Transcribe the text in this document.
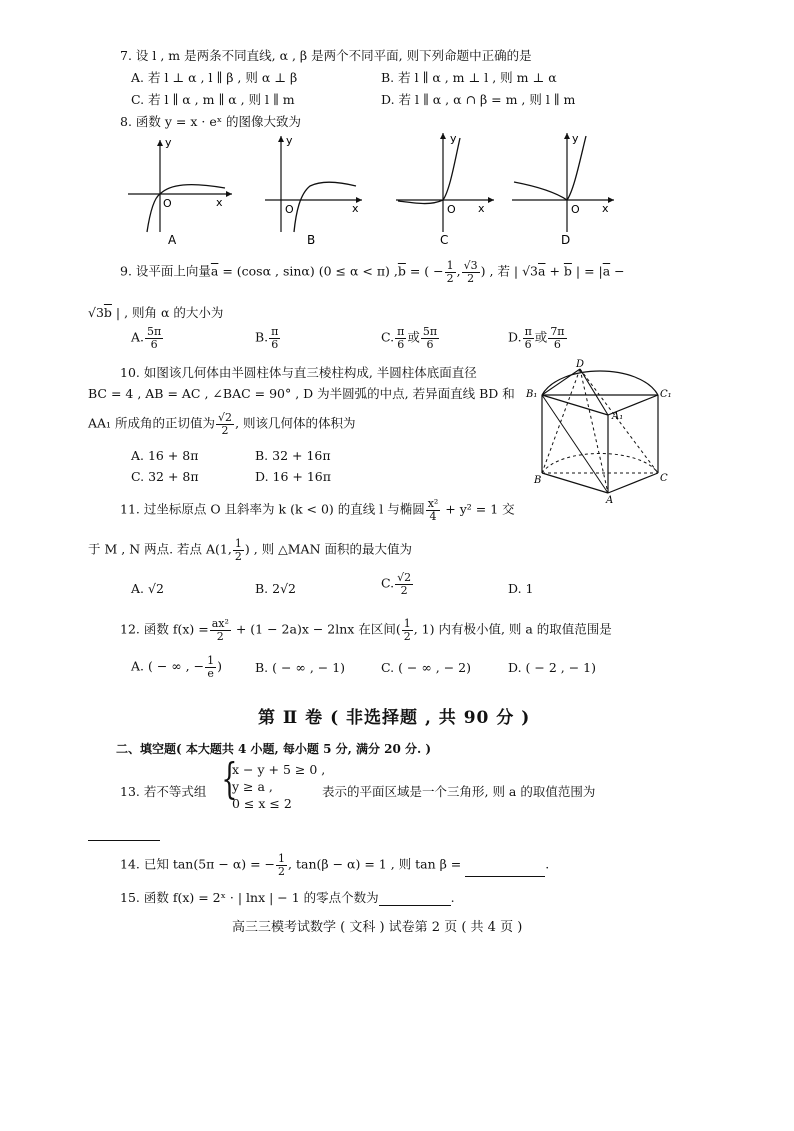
7. 设 l , m 是两条不同直线, α , β 是两个不同平面, 则下列命题中正确的是
A. 若 l ⊥ α , l ∥ β , 则 α ⊥ β	B. 若 l ∥ α , m ⊥ l , 则 m ⊥ α
C. 若 l ∥ α , m ∥ α , 则 l ∥ m	D. 若 l ∥ α , α ∩ β = m , 则 l ∥ m
8. 函数 y = x · eˣ 的图像大致为
y
x
O
y
x
O
y
x
O
y
x
O
A	B	C	D
9. 设平面上向量$\overline{a} = (\cos\alpha$ , sinα) (0 ≤ α < π) $,\overline{b}$ = ( − $\frac{1}{2}$ , $\frac{√3}{2}$ ) , 若 | $√3\overline{a} + \overline{b}$ | = $|\overline{a}$ −
$√3\overline{b}$ | , 则角 α 的大小为
A. $\frac{5\pi}{6}$	B. $\frac{\pi}{6}$	C. $\frac{\pi}{6}$ 或 $\frac{5\pi}{6}$	D. $\frac{\pi}{6}$ 或 $\frac{7\pi}{6}$
10. 如图该几何体由半圆柱体与直三棱柱构成, 半圆柱体底面直径
BC = 4 , AB = AC , ∠BAC = 90° , D 为半圆弧的中点, 若异面直线 BD 和
AA₁ 所成角的正切值为 $\frac{√2}{2}$ , 则该几何体的体积为
A. 16 + 8π	B. 32 + 16π
C. 32 + 8π	D. 16 + 16π
D
B₁	C₁
A₁
B	C
A
11. 过坐标原点 O 且斜率为 k (k < 0) 的直线 l 与椭圆 $\frac{\text{x²}}{4} + y^2 = 1$ 交
于 M , N 两点. 若点 A(1, $\frac{1}{2}$ ) , 则 △MAN 面积的最大值为
A. √2	B. 2√2	C. $\frac{√2}{2}$	D. 1
12. 函数 $f(x) = \frac{\text{ax²}}{2} + (1 - 2a)x - 2\ln x$ 在区间( $\frac{1}{2}$ , 1) 内有极小值, 则 a 的取值范围是
A. ( − ∞ , − $\frac{1}{e}$ )	B. ( − ∞ , − 1)	C. ( − ∞ , − 2)	D. ( − 2 , − 1)
第 Ⅱ 卷 ( 非选择题 , 共 90 分 )
二、填空题( 本大题共 4 小题, 每小题 5 分, 满分 20 分. )
13. 若不等式组 {
x − y + 5 ≥ 0 ,
y ≥ a ,
0 ≤ x ≤ 2
表示的平面区域是一个三角形, 则 a 的取值范围为
14. 已知 tan(5π − α) = − $\frac{1}{2}$ , tan(β − α) = 1 , 则 tan β =	.
15. 函数 f(x) = 2ˣ · | lnx | − 1 的零点个数为	.
高三三模考试数学 ( 文科 ) 试卷第 2 页 ( 共 4 页 )
